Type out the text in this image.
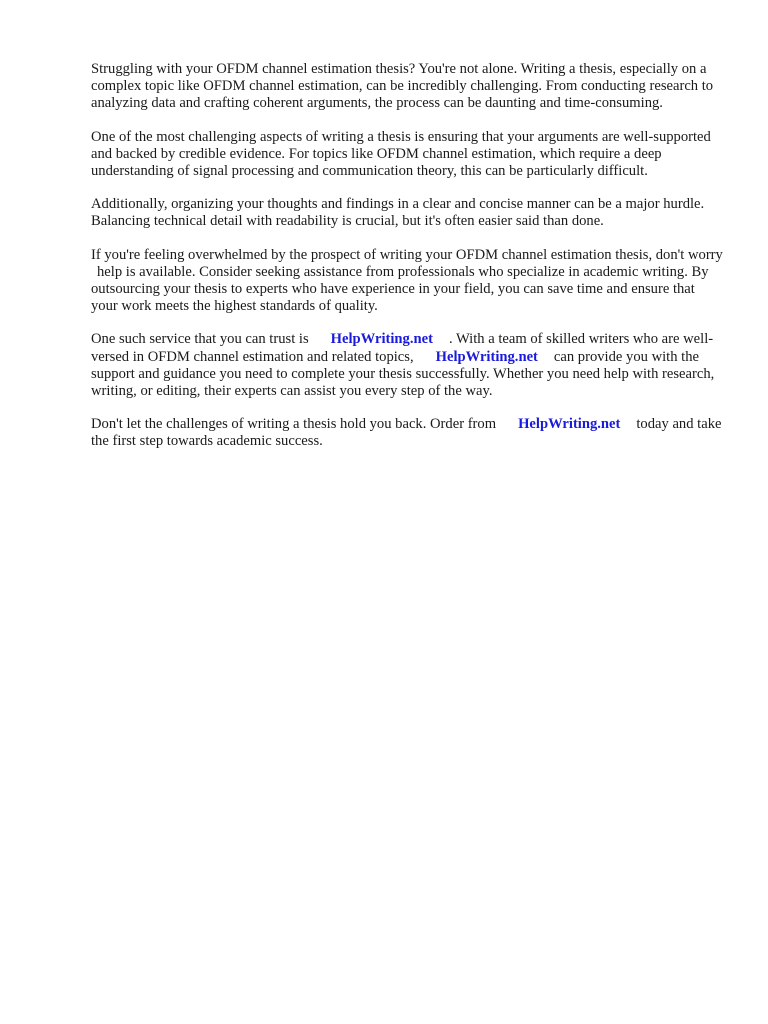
Struggling with your OFDM channel estimation thesis? You're not alone. Writing a thesis, especially on a complex topic like OFDM channel estimation, can be incredibly challenging. From conducting research to analyzing data and crafting coherent arguments, the process can be daunting and time-consuming.

One of the most challenging aspects of writing a thesis is ensuring that your arguments are well-supported and backed by credible evidence. For topics like OFDM channel estimation, which require a deep understanding of signal processing and communication theory, this can be particularly difficult.

Additionally, organizing your thoughts and findings in a clear and concise manner can be a major hurdle. Balancing technical detail with readability is crucial, but it's often easier said than done.

If you're feeling overwhelmed by the prospect of writing your OFDM channel estimation thesis, don't worry help is available. Consider seeking assistance from professionals who specialize in academic writing. By outsourcing your thesis to experts who have experience in your field, you can save time and ensure that your work meets the highest standards of quality.

One such service that you can trust is HelpWriting.net . With a team of skilled writers who are well-versed in OFDM channel estimation and related topics, HelpWriting.net can provide you with the support and guidance you need to complete your thesis successfully. Whether you need help with research, writing, or editing, their experts can assist you every step of the way.

Don't let the challenges of writing a thesis hold you back. Order from HelpWriting.net today and take the first step towards academic success.
